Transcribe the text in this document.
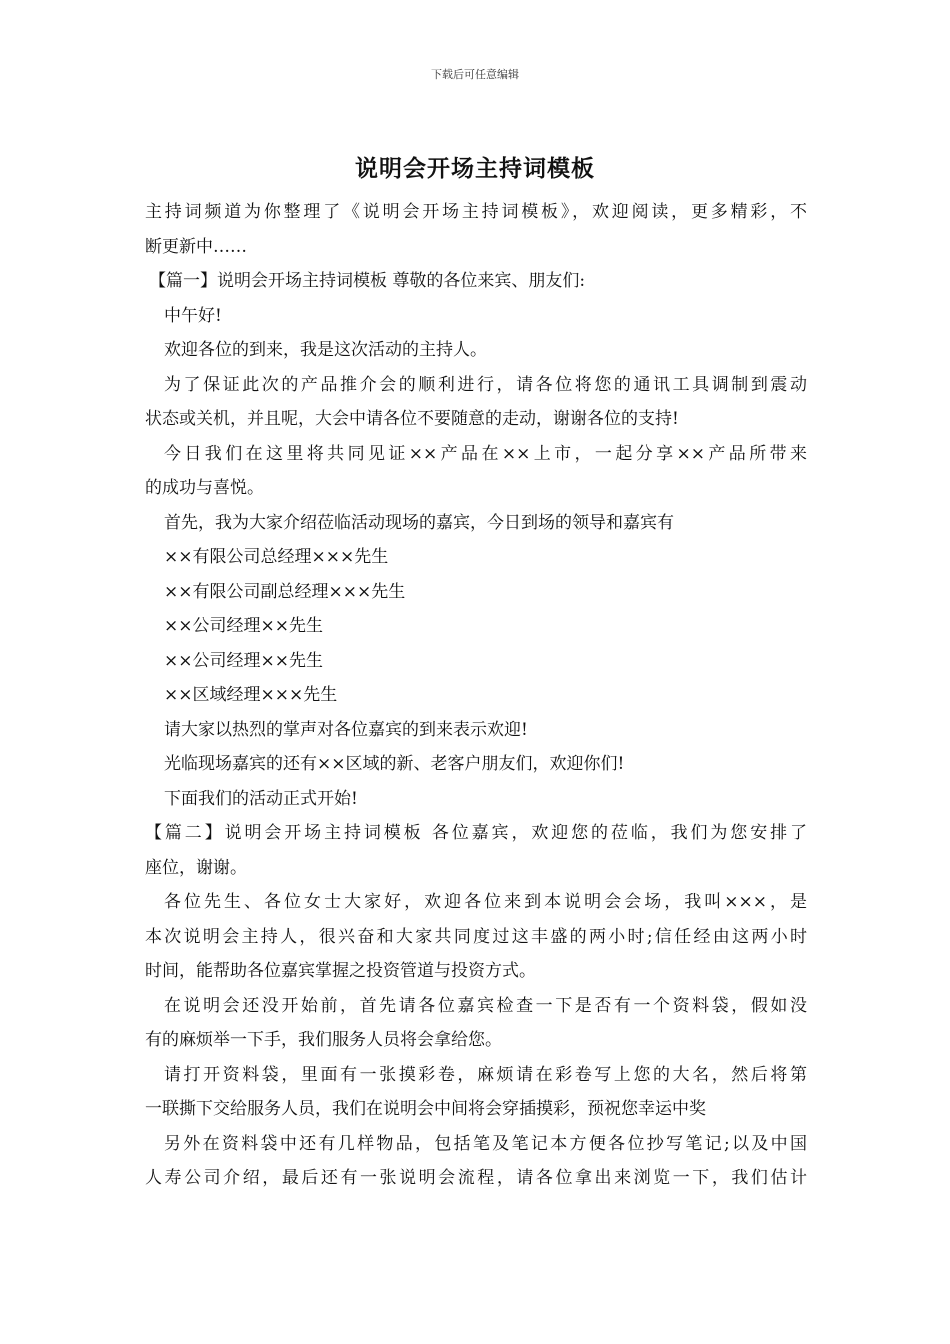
下载后可任意编辑
说明会开场主持词模板
主持词频道为你整理了《说明会开场主持词模板》，欢迎阅读，更多精彩，不
断更新中……
【篇一】说明会开场主持词模板 尊敬的各位来宾、朋友们:
中午好!
欢迎各位的到来，我是这次活动的主持人。
为了保证此次的产品推介会的顺利进行，请各位将您的通讯工具调制到震动
状态或关机，并且呢，大会中请各位不要随意的走动，谢谢各位的支持!
今日我们在这里将共同见证××产品在××上市，一起分享××产品所带来
的成功与喜悦。
首先，我为大家介绍莅临活动现场的嘉宾，今日到场的领导和嘉宾有
××有限公司总经理×××先生
××有限公司副总经理×××先生
××公司经理××先生
××公司经理××先生
××区域经理×××先生
请大家以热烈的掌声对各位嘉宾的到来表示欢迎!
光临现场嘉宾的还有××区域的新、老客户朋友们，欢迎你们!
下面我们的活动正式开始!
【篇二】说明会开场主持词模板 各位嘉宾，欢迎您的莅临，我们为您安排了
座位，谢谢。
各位先生、各位女士大家好，欢迎各位来到本说明会会场，我叫×××，是
本次说明会主持人，很兴奋和大家共同度过这丰盛的两小时;信任经由这两小时
时间，能帮助各位嘉宾掌握之投资管道与投资方式。
在说明会还没开始前，首先请各位嘉宾检查一下是否有一个资料袋，假如没
有的麻烦举一下手，我们服务人员将会拿给您。
请打开资料袋，里面有一张摸彩卷，麻烦请在彩卷写上您的大名，然后将第
一联撕下交给服务人员，我们在说明会中间将会穿插摸彩，预祝您幸运中奖
另外在资料袋中还有几样物品，包括笔及笔记本方便各位抄写笔记;以及中国
人寿公司介绍，最后还有一张说明会流程，请各位拿出来浏览一下，我们估计
